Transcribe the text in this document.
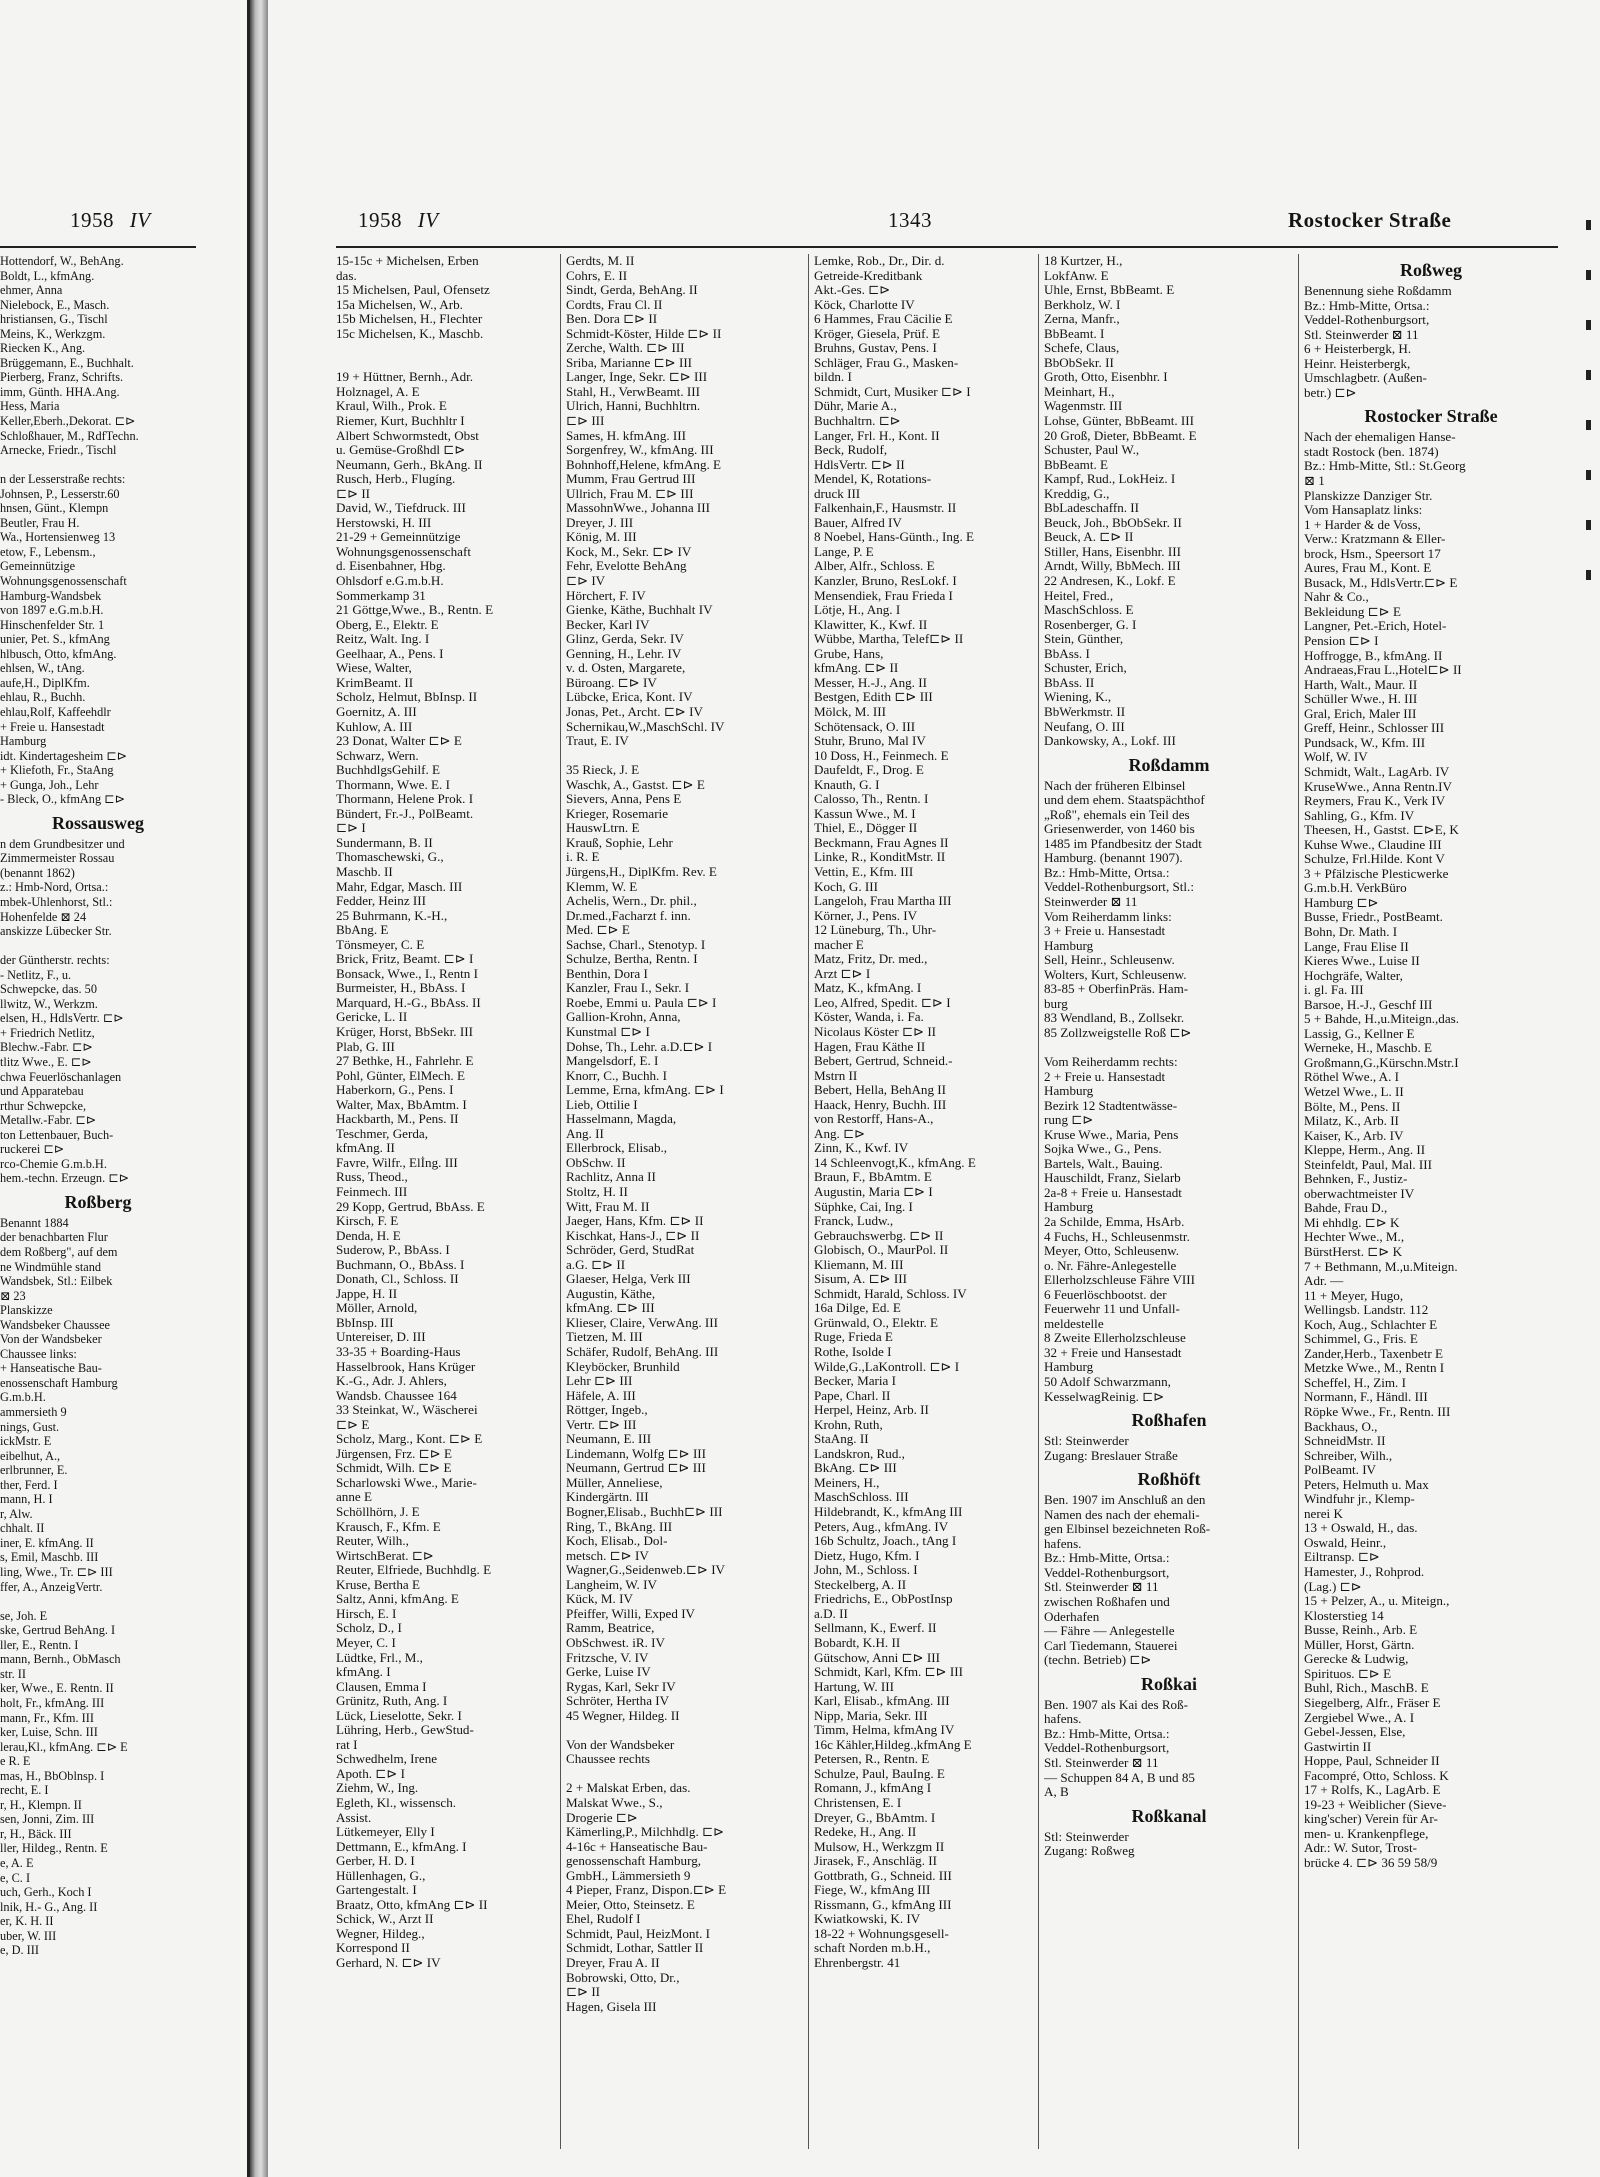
1958 IV
Hottendorf, W., BehAng.
Boldt, L., kfmAng.
ehmer, Anna
Nielebock, E., Masch.
hristiansen, G., Tischl
Meins, K., Werkzgm.
Riecken K., Ang.
Brüggemann, E., Buchhalt.
Pierberg, Franz, Schrifts.
imm, Günth. HHA.Ang.
Hess, Maria
Keller,Eberh.,Dekorat. ⊏⊳
Schloßhauer, M., RdfTechn.
Arnecke, Friedr., Tischl

n der Lesserstraße rechts:
Johnsen, P., Lesserstr.60
hnsen, Günt., Klempn
Beutler, Frau H.
Wa., Hortensienweg 13
etow, F., Lebensm.,
Gemeinnützige
Wohnungsgenossenschaft
Hamburg-Wandsbek
von 1897 e.G.m.b.H.
Hinschenfelder Str. 1
unier, Pet. S., kfmAng
hlbusch, Otto, kfmAng.
ehlsen, W., tAng.
aufe,H., DiplKfm.
ehlau, R., Buchh.
ehlau,Rolf, Kaffeehdlr
+ Freie u. Hansestadt
Hamburg
idt. Kindertagesheim ⊏⊳
+ Kliefoth, Fr., StaAng
+ Gunga, Joh., Lehr
- Bleck, O., kfmAng ⊏⊳
Rossausweg
n dem Grundbesitzer und
Zimmermeister Rossau
(benannt 1862)
z.: Hmb-Nord, Ortsa.:
mbek-Uhlenhorst, Stl.:
Hohenfelde ⊠ 24
anskizze Lübecker Str.

der Güntherstr. rechts:
- Netlitz, F., u.
Schwepcke, das. 50
llwitz, W., Werkzm.
elsen, H., HdlsVertr. ⊏⊳
+ Friedrich Netlitz,
Blechw.-Fabr. ⊏⊳
tlitz Wwe., E. ⊏⊳
chwa Feuerlöschanlagen
und Apparatebau
rthur Schwepcke,
Metallw.-Fabr. ⊏⊳
ton Lettenbauer, Buch-
ruckerei ⊏⊳
rco-Chemie G.m.b.H.
hem.-techn. Erzeugn. ⊏⊳
Roßberg
Benannt 1884
der benachbarten Flur
dem Roßberg", auf dem
ne Windmühle stand
Wandsbek, Stl.: Eilbek
⊠ 23
Planskizze
Wandsbeker Chaussee
Von der Wandsbeker
Chaussee links:
+ Hanseatische Bau-
enossenschaft Hamburg
G.m.b.H.
ammersieth 9
nings, Gust.
ickMstr. E
eibelhut, A.,
erlbrunner, E.
ther, Ferd. I
mann, H. I
r, Alw.
chhalt. II
iner, E. kfmAng. II
s, Emil, Maschb. III
ling, Wwe., Tr. ⊏⊳ III
ffer, A., AnzeigVertr.

se, Joh. E
ske, Gertrud BehAng. I
ller, E., Rentn. I
mann, Bernh., ObMasch
str. II
ker, Wwe., E. Rentn. II
holt, Fr., kfmAng. III
mann, Fr., Kfm. III
ker, Luise, Schn. III
lerau,Kl., kfmAng. ⊏⊳ E
e R. E
mas, H., BbOblnsp. I
recht, E. I
r, H., Klempn. II
sen, Jonni, Zim. III
r, H., Bäck. III
ller, Hildeg., Rentn. E
e, A. E
e, C. I
uch, Gerh., Koch I
lnik, H.- G., Ang. II
er, K. H. II
uber, W. III
e, D. III
1958 IV	1343	Rostocker Straße
15-15c + Michelsen, Erben
das.
15 Michelsen, Paul, Ofensetz
15a Michelsen, W., Arb.
15b Michelsen, H., Flechter
15c Michelsen, K., Maschb.

19 + Hüttner, Bernh., Adr.
Holznagel, A. E
Kraul, Wilh., Prok. E
Riemer, Kurt, Buchhltr I
Albert Schwormstedt, Obst
u. Gemüse-Großhdl ⊏⊳
Neumann, Gerh., BkAng. II
Rusch, Herb., Flugíng.
⊏⊳ II
David, W., Tiefdruck. III
Herstowski, H. III
21-29 + Gemeinnützige
Wohnungsgenossenschaft
d. Eisenbahner, Hbg.
Ohlsdorf e.G.m.b.H.
Sommerkamp 31
21 Göttge,Wwe., B., Rentn. E
Oberg, E., Elektr. E
Reitz, Walt. Ing. I
Geelhaar, A., Pens. I
Wiese, Walter,
KrimBeamt. II
Scholz, Helmut, BbInsp. II
Goernitz, A. III
Kuhlow, A. III
23 Donat, Walter ⊏⊳ E
Schwarz, Wern.
BuchhdlgsGehilf. E
Thormann, Wwe. E. I
Thormann, Helene Prok. I
Bündert, Fr.-J., PolBeamt.
⊏⊳ I
Sundermann, B. II
Thomaschewski, G.,
Maschb. II
Mahr, Edgar, Masch. III
Fedder, Heinz III
25 Buhrmann, K.-H.,
BbAng. E
Tönsmeyer, C. E
Brick, Fritz, Beamt. ⊏⊳ I
Bonsack, Wwe., I., Rentn I
Burmeister, H., BbAss. I
Marquard, H.-G., BbAss. II
Gericke, L. II
Krüger, Horst, BbSekr. III
Plab, G. III
27 Bethke, H., Fahrlehr. E
Pohl, Günter, ElMech. E
Haberkorn, G., Pens. I
Walter, Max, BbAmtm. I
Hackbarth, M., Pens. II
Teschmer, Gerda,
kfmAng. II
Favre, Wilfr., Elİng. III
Russ, Theod.,
Feinmech. III
29 Kopp, Gertrud, BbAss. E
Kirsch, F. E
Denda, H. E
Suderow, P., BbAss. I
Buchmann, O., BbAss. I
Donath, Cl., Schloss. II
Jappe, H. II
Möller, Arnold,
BbInsp. III
Untereiser, D. III
33-35 + Boarding-Haus
Hasselbrook, Hans Krüger
K.-G., Adr. J. Ahlers,
Wandsb. Chaussee 164
33 Steinkat, W., Wäscherei
⊏⊳ E
Scholz, Marg., Kont. ⊏⊳ E
Jürgensen, Frz. ⊏⊳ E
Schmidt, Wilh. ⊏⊳ E
Scharlowski Wwe., Marie-
anne E
Schöllhörn, J. E
Krausch, F., Kfm. E
Reuter, Wilh.,
WirtschBerat. ⊏⊳
Reuter, Elfriede, Buchhdlg. E
Kruse, Bertha E
Saltz, Anni, kfmAng. E
Hirsch, E. I
Scholz, D., I
Meyer, C. I
Lüdtke, Frl., M.,
kfmAng. I
Clausen, Emma I
Grünitz, Ruth, Ang. I
Lück, Lieselotte, Sekr. I
Lühring, Herb., GewStud-
rat I
Schwedhelm, Irene
Apoth. ⊏⊳ I
Ziehm, W., Ing.
Egleth, Kl., wissensch.
Assist.
Lütkemeyer, Elly I
Dettmann, E., kfmAng. I
Gerber, H. D. I
Hüllenhagen, G.,
Gartengestalt. I
Braatz, Otto, kfmAng ⊏⊳ II
Schick, W., Arzt II
Wegner, Hildeg.,
Korrespond II
Gerhard, N. ⊏⊳ IV
Gerdts, M. II
Cohrs, E. II
Sindt, Gerda, BehAng. II
Cordts, Frau Cl. II
Ben. Dora ⊏⊳ II
Schmidt-Köster, Hilde ⊏⊳ II
Zerche, Walth. ⊏⊳ III
Sriba, Marianne ⊏⊳ III
Langer, Inge, Sekr. ⊏⊳ III
Stahl, H., VerwBeamt. III
Ulrich, Hanni, Buchhltrn.
⊏⊳ III
Sames, H. kfmAng. III
Sorgenfrey, W., kfmAng. III
Bohnhoff,Helene, kfmAng. E
Mumm, Frau Gertrud III
Ullrich, Frau M. ⊏⊳ III
MassohnWwe., Johanna III
Dreyer, J. III
König, M. III
Kock, M., Sekr. ⊏⊳ IV
Fehr, Evelotte BehAng
⊏⊳ IV
Hörchert, F. IV
Gienke, Käthe, Buchhalt IV
Becker, Karl IV
Glinz, Gerda, Sekr. IV
Genning, H., Lehr. IV
v. d. Osten, Margarete,
Büroang. ⊏⊳ IV
Lübcke, Erica, Kont. IV
Jonas, Pet., Archt. ⊏⊳ IV
Schernikau,W.,MaschSchl. IV
Traut, E. IV

35 Rieck, J. E
Waschk, A., Gastst. ⊏⊳ E
Sievers, Anna, Pens E
Krieger, Rosemarie
HauswLtrn. E
Krauß, Sophie, Lehr
i. R. E
Jürgens,H., DiplKfm. Rev. E
Klemm, W. E
Achelis, Wern., Dr. phil.,
Dr.med.,Facharzt f. inn.
Med. ⊏⊳ E
Sachse, Charl., Stenotyp. I
Schulze, Bertha, Rentn. I
Benthin, Dora I
Kanzler, Frau I., Sekr. I
Roebe, Emmi u. Paula ⊏⊳ I
Gallion-Krohn, Anna,
Kunstmal ⊏⊳ I
Dohse, Th., Lehr. a.D.⊏⊳ I
Mangelsdorf, E. I
Knorr, C., Buchh. I
Lemme, Erna, kfmAng. ⊏⊳ I
Lieb, Ottilie I
Hasselmann, Magda,
Ang. II
Ellerbrock, Elisab.,
ObSchw. II
Rachlitz, Anna II
Stoltz, H. II
Witt, Frau M. II
Jaeger, Hans, Kfm. ⊏⊳ II
Kischkat, Hans-J., ⊏⊳ II
Schröder, Gerd, StudRat
a.G. ⊏⊳ II
Glaeser, Helga, Verk III
Augustin, Käthe,
kfmAng. ⊏⊳ III
Klieser, Claire, VerwAng. III
Tietzen, M. III
Schäfer, Rudolf, BehAng. III
Kleyböcker, Brunhild
Lehr ⊏⊳ III
Häfele, A. III
Röttger, Ingeb.,
Vertr. ⊏⊳ III
Neumann, E. III
Lindemann, Wolfg ⊏⊳ III
Neumann, Gertrud ⊏⊳ III
Müller, Anneliese,
Kindergärtn. III
Bogner,Elisab., Buchh⊏⊳ III
Ring, T., BkAng. III
Koch, Elisab., Dol-
metsch. ⊏⊳ IV
Wagner,G.,Seidenweb.⊏⊳ IV
Langheim, W. IV
Kück, M. IV
Pfeiffer, Willi, Exped IV
Ramm, Beatrice,
ObSchwest. iR. IV
Fritzsche, V. IV
Gerke, Luise IV
Rygas, Karl, Sekr IV
Schröter, Hertha IV
45 Wegner, Hildeg. II

Von der Wandsbeker
Chaussee rechts

2 + Malskat Erben, das.
Malskat Wwe., S.,
Drogerie ⊏⊳
Kämerling,P., Milchhdlg. ⊏⊳
4-16c + Hanseatische Bau-
genossenschaft Hamburg,
GmbH., Lämmersieth 9
4 Pieper, Franz, Dispon.⊏⊳ E
Meier, Otto, Steinsetz. E
Ehel, Rudolf I
Schmidt, Paul, HeizMont. I
Schmidt, Lothar, Sattler II
Dreyer, Frau A. II
Bobrowski, Otto, Dr.,
⊏⊳ II
Hagen, Gisela III
Lemke, Rob., Dr., Dir. d.
Getreide-Kreditbank
Akt.-Ges. ⊏⊳
Köck, Charlotte IV
6 Hammes, Frau Cäcilie E
Kröger, Giesela, Prüf. E
Bruhns, Gustav, Pens. I
Schläger, Frau G., Masken-
bildn. I
Schmidt, Curt, Musiker ⊏⊳ I
Dühr, Marie A.,
Buchhaltrn. ⊏⊳
Langer, Frl. H., Kont. II
Beck, Rudolf,
HdlsVertr. ⊏⊳ II
Mendel, K, Rotations-
druck III
Falkenhain,F., Hausmstr. II
Bauer, Alfred IV
8 Noebel, Hans-Günth., Ing. E
Lange, P. E
Alber, Alfr., Schloss. E
Kanzler, Bruno, ResLokf. I
Mensendiek, Frau Frieda I
Lötje, H., Ang. I
Klawitter, K., Kwf. II
Wübbe, Martha, Telef⊏⊳ II
Grube, Hans,
kfmAng. ⊏⊳ II
Messer, H.-J., Ang. II
Bestgen, Edith ⊏⊳ III
Mölck, M. III
Schötensack, O. III
Stuhr, Bruno, Mal IV
10 Doss, H., Feinmech. E
Daufeldt, F., Drog. E
Knauth, G. I
Calosso, Th., Rentn. I
Kassun Wwe., M. I
Thiel, E., Dögger II
Beckmann, Frau Agnes II
Linke, R., KonditMstr. II
Vettin, E., Kfm. III
Koch, G. III
Langeloh, Frau Martha III
Körner, J., Pens. IV
12 Lüneburg, Th., Uhr-
macher E
Matz, Fritz, Dr. med.,
Arzt ⊏⊳ I
Matz, K., kfmAng. I
Leo, Alfred, Spedit. ⊏⊳ I
Köster, Wanda, i. Fa.
Nicolaus Köster ⊏⊳ II
Hagen, Frau Käthe II
Bebert, Gertrud, Schneid.-
Mstrn II
Bebert, Hella, BehAng II
Haack, Henry, Buchh. III
von Restorff, Hans-A.,
Ang. ⊏⊳
Zinn, K., Kwf. IV
14 Schleenvogt,K., kfmAng. E
Braun, F., BbAmtm. E
Augustin, Maria ⊏⊳ I
Süphke, Cai, Ing. I
Franck, Ludw.,
Gebrauchswerbg. ⊏⊳ II
Globisch, O., MaurPol. II
Kliemann, M. III
Sisum, A. ⊏⊳ III
Schmidt, Harald, Schloss. IV
16a Dilge, Ed. E
Grünwald, O., Elektr. E
Ruge, Frieda E
Rothe, Isolde I
Wilde,G.,LaKontroll. ⊏⊳ I
Becker, Maria I
Pape, Charl. II
Herpel, Heinz, Arb. II
Krohn, Ruth,
StaAng. II
Landskron, Rud.,
BkAng. ⊏⊳ III
Meiners, H.,
MaschSchloss. III
Hildebrandt, K., kfmAng III
Peters, Aug., kfmAng. IV
16b Schultz, Joach., tAng I
Dietz, Hugo, Kfm. I
John, M., Schloss. I
Steckelberg, A. II
Friedrichs, E., ObPostInsp
a.D. II
Sellmann, K., Ewerf. II
Bobardt, K.H. II
Gütschow, Anni ⊏⊳ III
Schmidt, Karl, Kfm. ⊏⊳ III
Hartung, W. III
Karl, Elisab., kfmAng. III
Nipp, Maria, Sekr. III
Timm, Helma, kfmAng IV
16c Kähler,Hildeg.,kfmAng E
Petersen, R., Rentn. E
Schulze, Paul, BauIng. E
Romann, J., kfmAng I
Christensen, E. I
Dreyer, G., BbAmtm. I
Redeke, H., Ang. II
Mulsow, H., Werkzgm II
Jirasek, F., Anschläg. II
Gottbrath, G., Schneid. III
Fiege, W., kfmAng III
Rissmann, G., kfmAng III
Kwiatkowski, K. IV
18-22 + Wohnungsgesell-
schaft Norden m.b.H.,
Ehrenbergstr. 41
18 Kurtzer, H.,
LokfAnw. E
Uhle, Ernst, BbBeamt. E
Berkholz, W. I
Zerna, Manfr.,
BbBeamt. I
Schefe, Claus,
BbObSekr. II
Groth, Otto, Eisenbhr. I
Meinhart, H.,
Wagenmstr. III
Lohse, Günter, BbBeamt. III
20 Groß, Dieter, BbBeamt. E
Schuster, Paul W.,
BbBeamt. E
Kampf, Rud., LokHeiz. I
Kreddig, G.,
BbLadeschaffn. II
Beuck, Joh., BbObSekr. II
Beuck, A. ⊏⊳ II
Stiller, Hans, Eisenbhr. III
Arndt, Willy, BbMech. III
22 Andresen, K., Lokf. E
Heitel, Fred.,
MaschSchloss. E
Rosenberger, G. I
Stein, Günther,
BbAss. I
Schuster, Erich,
BbAss. II
Wiening, K.,
BbWerkmstr. II
Neufang, O. III
Dankowsky, A., Lokf. III
Roßdamm
Nach der früheren Elbinsel
und dem ehem. Staatspächthof
„Roß", ehemals ein Teil des
Griesenwerder, von 1460 bis
1485 im Pfandbesitz der Stadt
Hamburg. (benannt 1907).
Bz.: Hmb-Mitte, Ortsa.:
Veddel-Rothenburgsort, Stl.:
Steinwerder ⊠ 11
Vom Reiherdamm links:
3 + Freie u. Hansestadt
Hamburg
Sell, Heinr., Schleusenw.
Wolters, Kurt, Schleusenw.
83-85 + OberfinPräs. Ham-
burg
83 Wendland, B., Zollsekr.
85 Zollzweigstelle Roß ⊏⊳

Vom Reiherdamm rechts:
2 + Freie u. Hansestadt
Hamburg
Bezirk 12 Stadtentwässe-
rung ⊏⊳
Kruse Wwe., Maria, Pens
Sojka Wwe., G., Pens.
Bartels, Walt., Bauing.
Hauschildt, Franz, Sielarb
2a-8 + Freie u. Hansestadt
Hamburg
2a Schilde, Emma, HsArb.
4 Fuchs, H., Schleusenmstr.
Meyer, Otto, Schleusenw.
o. Nr. Fähre-Anlegestelle
Ellerholzschleuse Fähre VIII
6 Feuerlöschbootst. der
Feuerwehr 11 und Unfall-
meldestelle
8 Zweite Ellerholzschleuse
32 + Freie und Hansestadt
Hamburg
50 Adolf Schwarzmann,
KesselwagReinig. ⊏⊳
Roßhafen
Stl: Steinwerder
Zugang: Breslauer Straße
Roßhöft
Ben. 1907 im Anschluß an den
Namen des nach der ehemali-
gen Elbinsel bezeichneten Roß-
hafens.
Bz.: Hmb-Mitte, Ortsa.:
Veddel-Rothenburgsort,
Stl. Steinwerder ⊠ 11
zwischen Roßhafen und
Oderhafen
— Fähre — Anlegestelle
Carl Tiedemann, Stauerei
(techn. Betrieb) ⊏⊳
Roßkai
Ben. 1907 als Kai des Roß-
hafens.
Bz.: Hmb-Mitte, Ortsa.:
Veddel-Rothenburgsort,
Stl. Steinwerder ⊠ 11
— Schuppen 84 A, B und 85
A, B
Roßkanal
Stl: Steinwerder
Zugang: Roßweg
Roßweg
Benennung siehe Roßdamm
Bz.: Hmb-Mitte, Ortsa.:
Veddel-Rothenburgsort,
Stl. Steinwerder ⊠ 11
6 + Heisterbergk, H.
Heinr. Heisterbergk,
Umschlagbetr. (Außen-
betr.) ⊏⊳
Rostocker Straße
Nach der ehemaligen Hanse-
stadt Rostock (ben. 1874)
Bz.: Hmb-Mitte, Stl.: St.Georg
⊠ 1
Planskizze Danziger Str.
Vom Hansaplatz links:
1 + Harder & de Voss,
Verw.: Kratzmann & Eller-
brock, Hsm., Speersort 17
Aures, Frau M., Kont. E
Busack, M., HdlsVertr.⊏⊳ E
Nahr & Co.,
Bekleidung ⊏⊳ E
Langner, Pet.-Erich, Hotel-
Pension ⊏⊳ I
Hoffrogge, B., kfmAng. II
Andraeas,Frau L.,Hotel⊏⊳ II
Harth, Walt., Maur. II
Schüller Wwe., H. III
Gral, Erich, Maler III
Greff, Heinr., Schlosser III
Pundsack, W., Kfm. III
Wolf, W. IV
Schmidt, Walt., LagArb. IV
KruseWwe., Anna Rentn.IV
Reymers, Frau K., Verk IV
Sahling, G., Kfm. IV
Theesen, H., Gastst. ⊏⊳E, K
Kuhse Wwe., Claudine III
Schulze, Frl.Hilde. Kont V
3 + Pfälzische Plesticwerke
G.m.b.H. VerkBüro
Hamburg ⊏⊳
Busse, Friedr., PostBeamt.
Bohn, Dr. Math. I
Lange, Frau Elise II
Kieres Wwe., Luise II
Hochgräfe, Walter,
i. gl. Fa. III
Barsoe, H.-J., Geschf III
5 + Bahde, H.,u.Miteign.,das.
Lassig, G., Kellner E
Werneke, H., Maschb. E
Großmann,G.,Kürschn.Mstr.I
Röthel Wwe., A. I
Wetzel Wwe., L. II
Bölte, M., Pens. II
Milatz, K., Arb. II
Kaiser, K., Arb. IV
Kleppe, Herm., Ang. II
Steinfeldt, Paul, Mal. III
Behnken, F., Justiz-
oberwachtmeister IV
Bahde, Frau D.,
Mi ehhdlg. ⊏⊳ K
Hechter Wwe., M.,
BürstHerst. ⊏⊳ K
7 + Bethmann, M.,u.Miteign.
Adr. —
11 + Meyer, Hugo,
Wellingsb. Landstr. 112
Koch, Aug., Schlachter E
Schimmel, G., Fris. E
Zander,Herb., Taxenbetr E
Metzke Wwe., M., Rentn I
Scheffel, H., Zim. I
Normann, F., Händl. III
Röpke Wwe., Fr., Rentn. III
Backhaus, O.,
SchneidMstr. II
Schreiber, Wilh.,
PolBeamt. IV
Peters, Helmuth u. Max
Windfuhr jr., Klemp-
nerei K
13 + Oswald, H., das.
Oswald, Heinr.,
Eiltransp. ⊏⊳
Hamester, J., Rohprod.
(Lag.) ⊏⊳
15 + Pelzer, A., u. Miteign.,
Klosterstieg 14
Busse, Reinh., Arb. E
Müller, Horst, Gärtn.
Gerecke & Ludwig,
Spirituos. ⊏⊳ E
Buhl, Rich., MaschB. E
Siegelberg, Alfr., Fräser E
Zergiebel Wwe., A. I
Gebel-Jessen, Else,
Gastwirtin II
Hoppe, Paul, Schneider II
Facompré, Otto, Schloss. K
17 + Rolfs, K., LagArb. E
19-23 + Weiblicher (Sieve-
king'scher) Verein für Ar-
men- u. Krankenpflege,
Adr.: W. Sutor, Trost-
brücke 4. ⊏⊳ 36 59 58/9
